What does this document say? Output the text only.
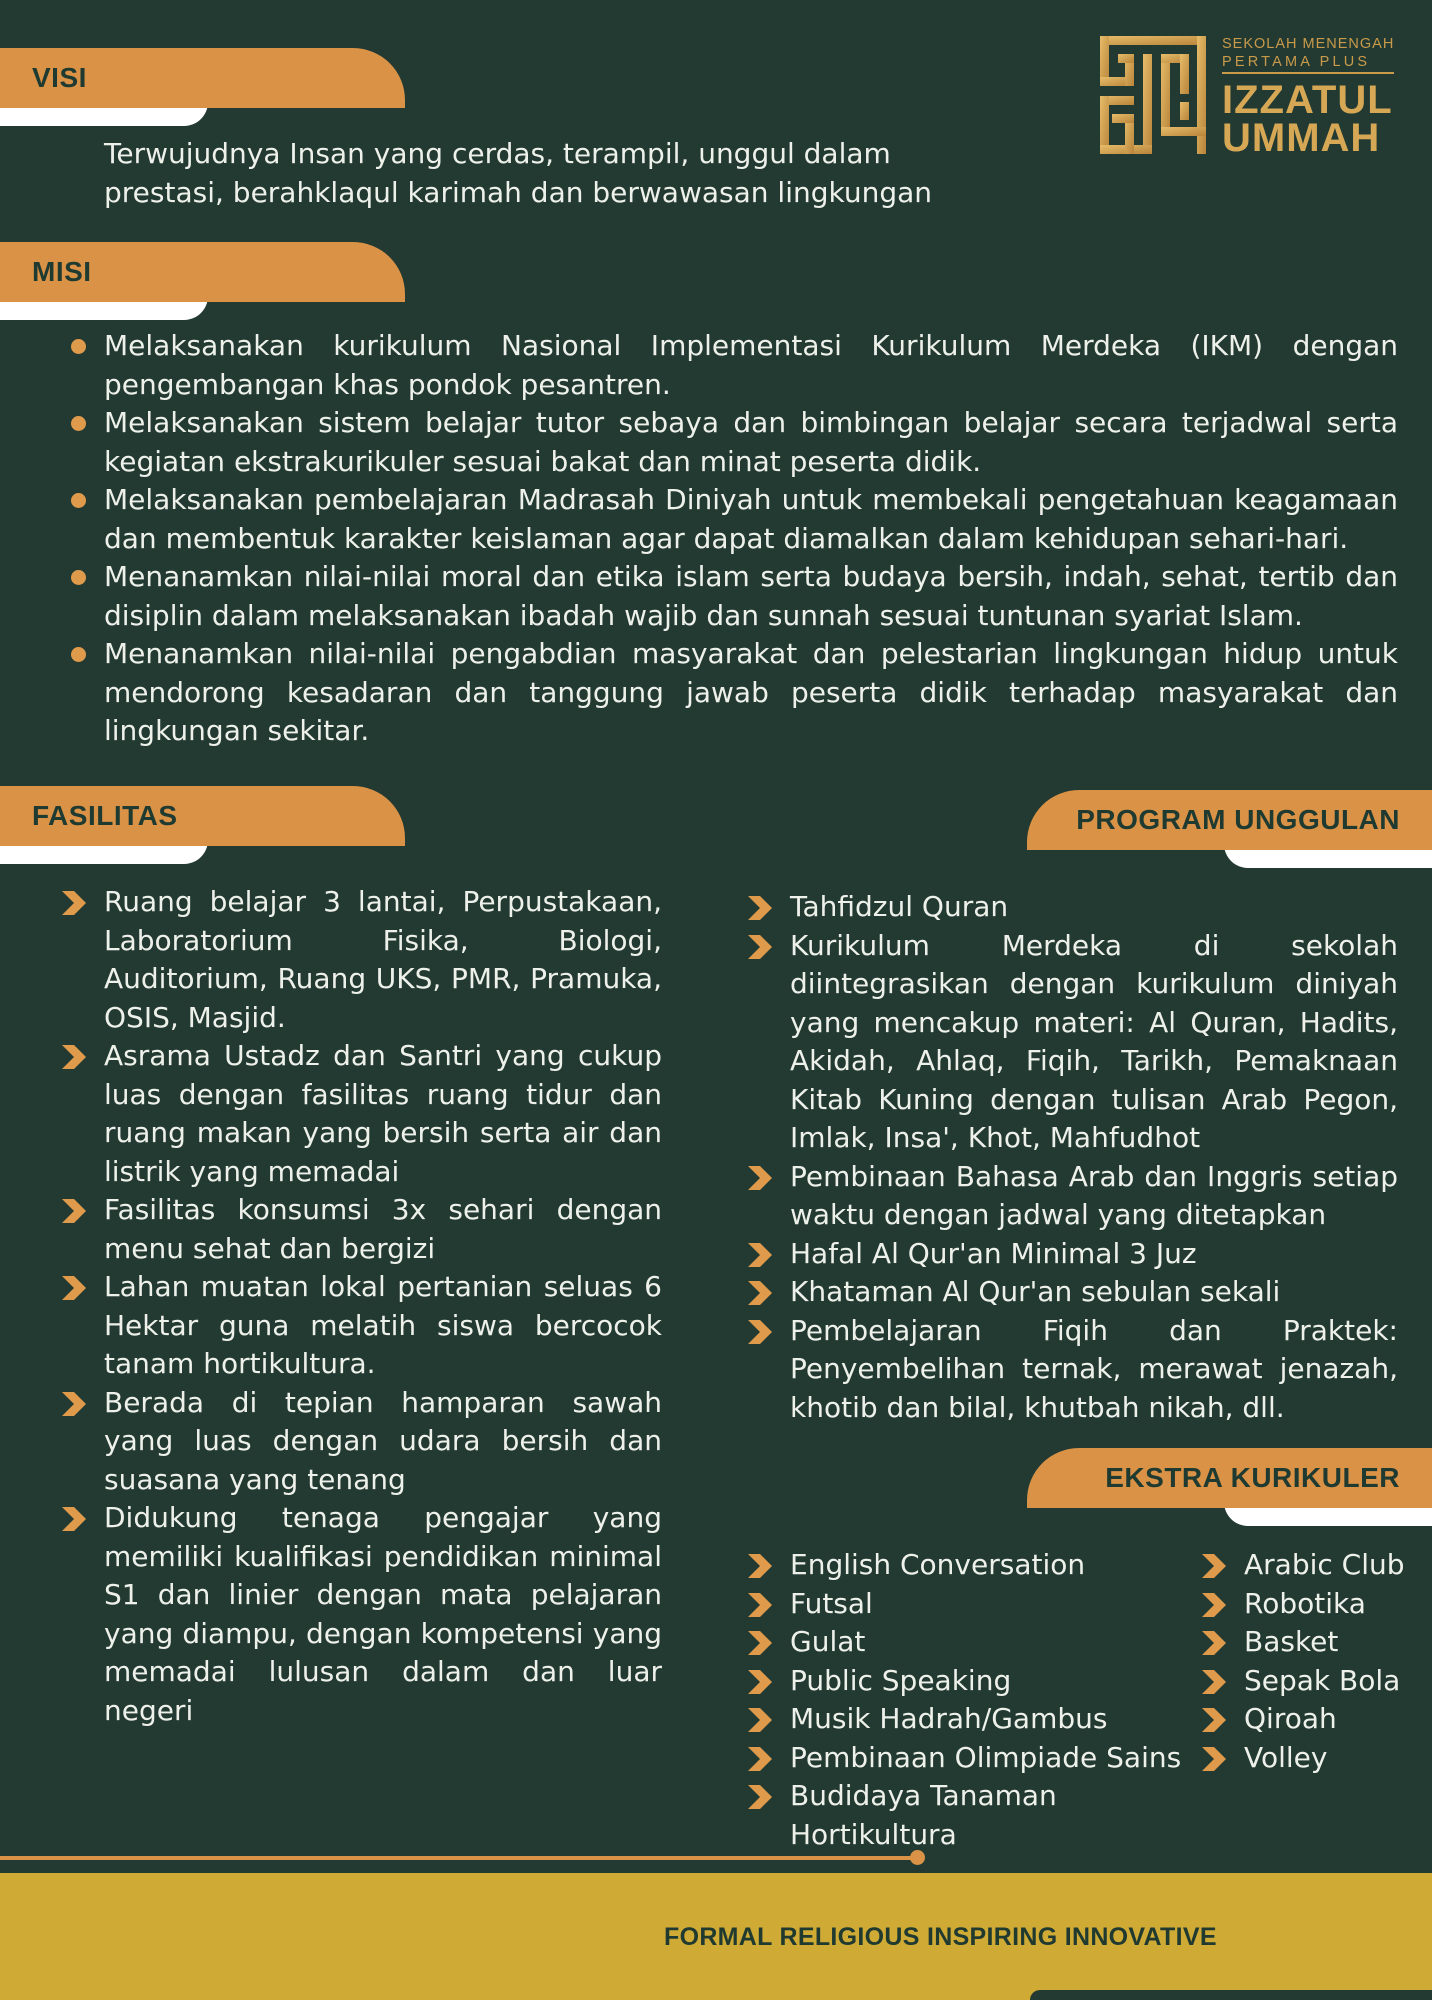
SEKOLAH MENENGAH
PERTAMA PLUS
IZZATUL
UMMAH
VISI
Terwujudnya Insan yang cerdas, terampil, unggul dalam prestasi, berahklaqul karimah dan berwawasan lingkungan
MISI
Melaksanakan kurikulum Nasional Implementasi Kurikulum Merdeka (IKM) dengan pengembangan khas pondok pesantren.
Melaksanakan sistem belajar tutor sebaya dan bimbingan belajar secara terjadwal serta kegiatan ekstrakurikuler sesuai bakat dan minat peserta didik.
Melaksanakan pembelajaran Madrasah Diniyah untuk membekali pengetahuan keagamaan dan membentuk karakter keislaman agar dapat diamalkan dalam kehidupan sehari-hari.
Menanamkan nilai-nilai moral dan etika islam serta budaya bersih, indah, sehat, tertib dan disiplin dalam melaksanakan ibadah wajib dan sunnah sesuai tuntunan syariat Islam.
Menanamkan nilai-nilai pengabdian masyarakat dan pelestarian lingkungan hidup untuk mendorong kesadaran dan tanggung jawab peserta didik terhadap masyarakat dan lingkungan sekitar.
FASILITAS
Ruang belajar 3 lantai, Perpustakaan, Laboratorium Fisika, Biologi, Auditorium, Ruang UKS, PMR, Pramuka, OSIS, Masjid.
Asrama Ustadz dan Santri yang cukup luas dengan fasilitas ruang tidur dan ruang makan yang bersih serta air dan listrik yang memadai
Fasilitas konsumsi 3x sehari dengan menu sehat dan bergizi
Lahan muatan lokal pertanian seluas 6 Hektar guna melatih siswa bercocok tanam hortikultura.
Berada di tepian hamparan sawah yang luas dengan udara bersih dan suasana yang tenang
Didukung tenaga pengajar yang memiliki kualifikasi pendidikan minimal S1 dan linier dengan mata pelajaran yang diampu, dengan kompetensi yang memadai lulusan dalam dan luar negeri
PROGRAM UNGGULAN
Tahfidzul Quran
Kurikulum Merdeka di sekolah diintegrasikan dengan kurikulum diniyah yang mencakup materi: Al Quran, Hadits, Akidah, Ahlaq, Fiqih, Tarikh, Pemaknaan Kitab Kuning dengan tulisan Arab Pegon, Imlak, Insa', Khot, Mahfudhot
Pembinaan Bahasa Arab dan Inggris setiap waktu dengan jadwal yang ditetapkan
Hafal Al Qur'an Minimal 3 Juz
Khataman Al Qur'an sebulan sekali
Pembelajaran Fiqih dan Praktek: Penyembelihan ternak, merawat jenazah, khotib dan bilal, khutbah nikah, dll.
EKSTRA KURIKULER
English Conversation
Futsal
Gulat
Public Speaking
Musik Hadrah/Gambus
Pembinaan Olimpiade Sains
Budidaya Tanaman Hortikultura
Arabic Club
Robotika
Basket
Sepak Bola
Qiroah
Volley
FORMAL RELIGIOUS INSPIRING INNOVATIVE
